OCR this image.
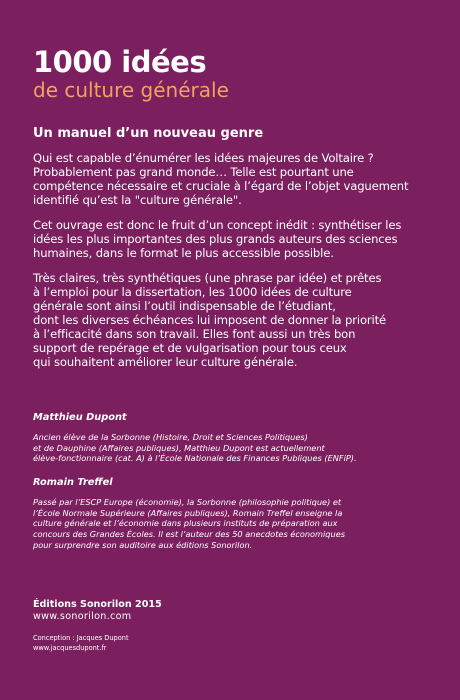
1000 idées
de culture générale
Un manuel d’un nouveau genre

Qui est capable d’énumérer les idées majeures de Voltaire ?
Probablement pas grand monde… Telle est pourtant une
compétence nécessaire et cruciale à l’égard de l’objet vaguement
identifié qu’est la "culture générale".

Cet ouvrage est donc le fruit d’un concept inédit : synthétiser les
idées les plus importantes des plus grands auteurs des sciences
humaines, dans le format le plus accessible possible.

Très claires, très synthétiques (une phrase par idée) et prêtes
à l’emploi pour la dissertation, les 1000 idées de culture
générale sont ainsi l’outil indispensable de l’étudiant,
dont les diverses échéances lui imposent de donner la priorité
à l’efficacité dans son travail. Elles font aussi un très bon
support de repérage et de vulgarisation pour tous ceux
qui souhaitent améliorer leur culture générale.

Matthieu Dupont
Ancien élève de la Sorbonne (Histoire, Droit et Sciences Politiques)
et de Dauphine (Affaires publiques), Matthieu Dupont est actuellement
élève-fonctionnaire (cat. A) à l’École Nationale des Finances Publiques (ENFiP).
Romain Treffel
Passé par l’ESCP Europe (économie), la Sorbonne (philosophie politique) et
l’École Normale Supérieure (Affaires publiques), Romain Treffel enseigne la
culture générale et l’économie dans plusieurs instituts de préparation aux
concours des Grandes Écoles. Il est l’auteur des 50 anecdotes économiques
pour surprendre son auditoire aux éditions Sonorilon.
Éditions Sonorilon 2015
www.sonorilon.com
Conception : Jacques Dupont
www.jacquesdupont.fr
